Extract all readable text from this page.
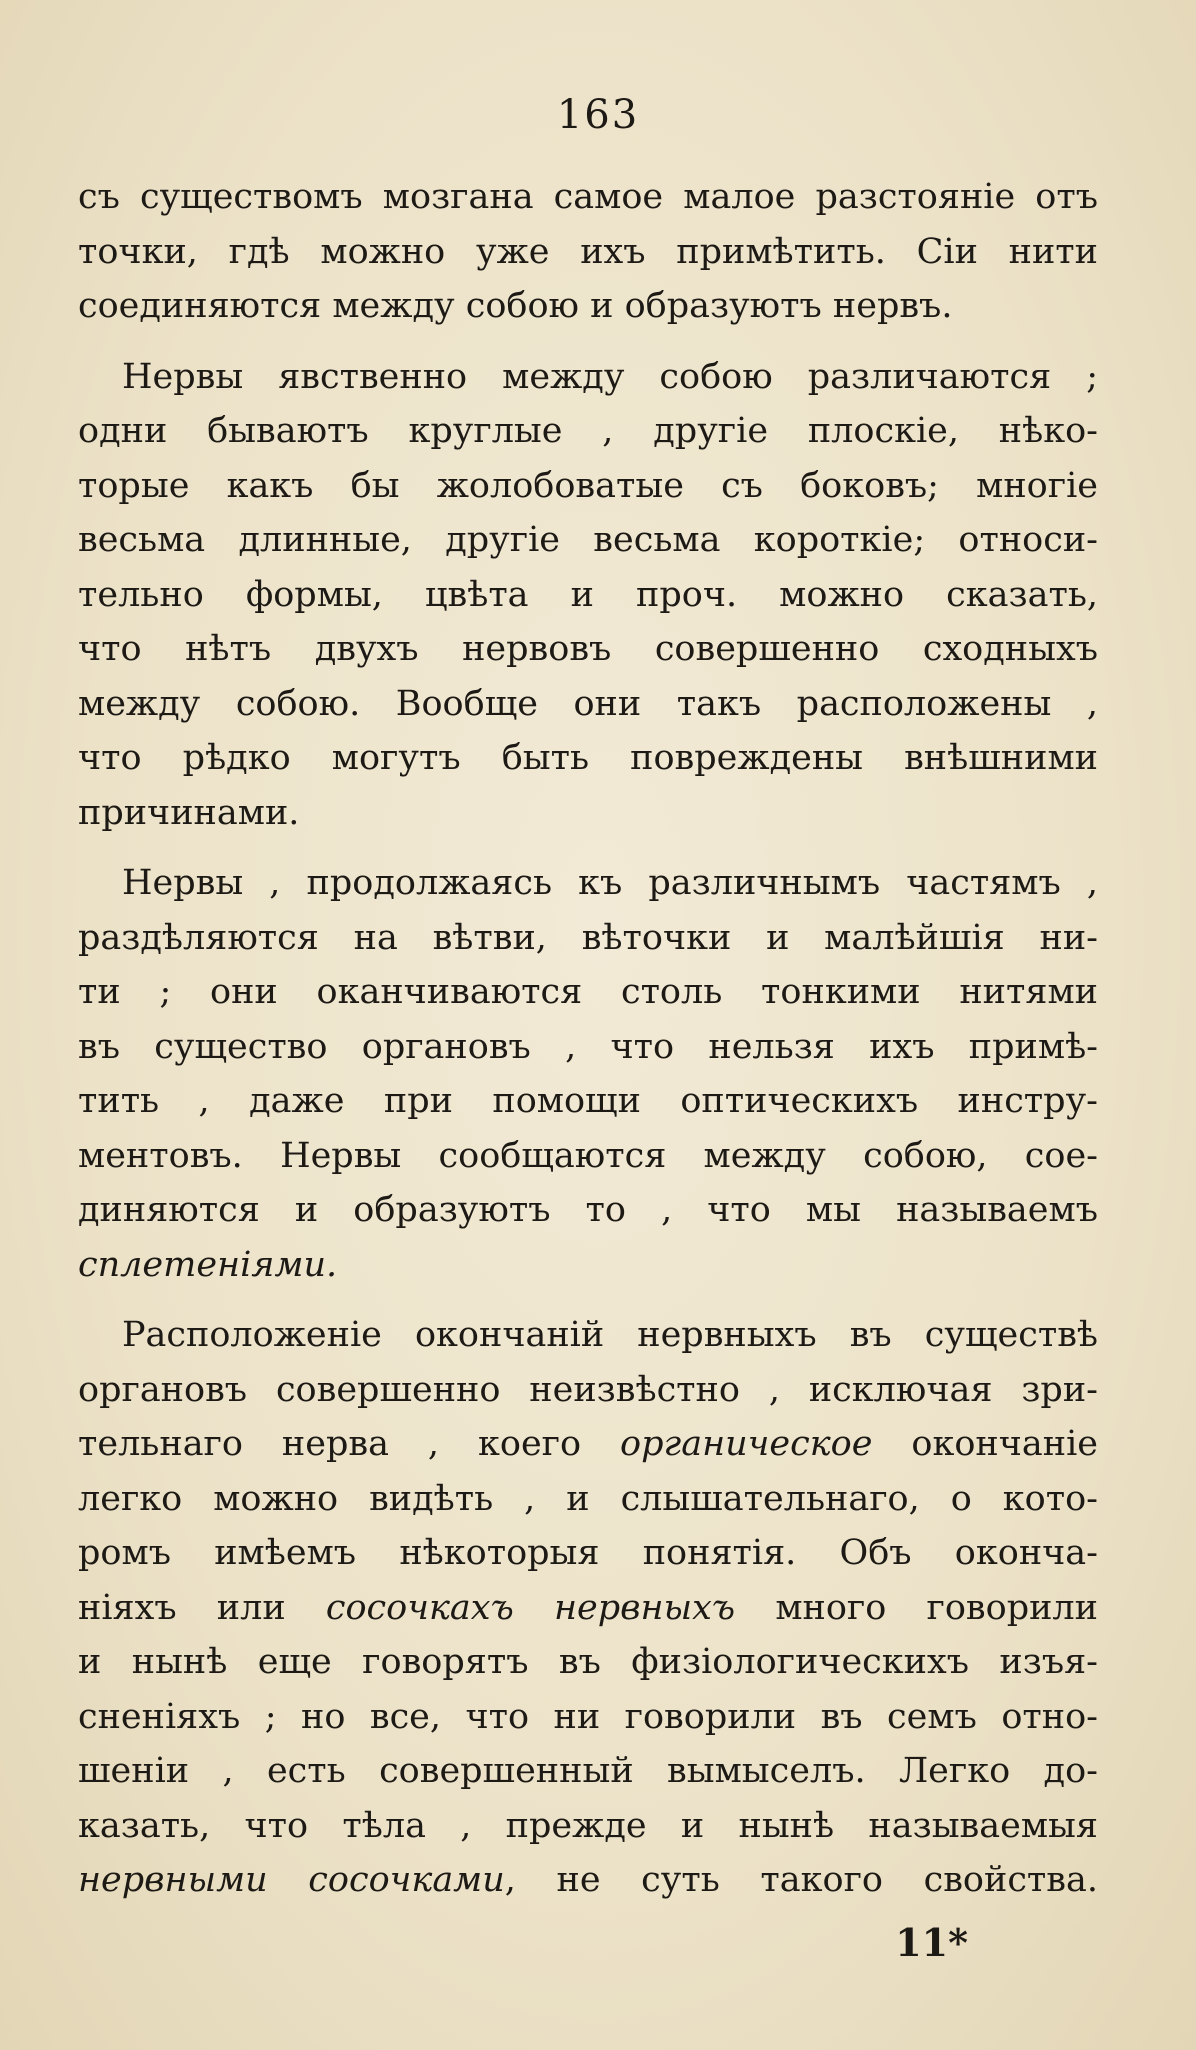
163
съ существомъ мозгана самое малое разстояніе отъ
точки, гдѣ можно уже ихъ примѣтить. Сіи нити
соединяются между собою и образуютъ нервъ.
Нервы явственно между собою различаются ;
одни бываютъ круглые , другіе плоскіе, нѣко-
торые какъ бы жолобоватые съ боковъ; многіе
весьма длинные, другіе весьма короткіе; относи-
тельно формы, цвѣта и проч. можно сказать,
что нѣтъ двухъ нервовъ совершенно сходныхъ
между собою. Вообще они такъ расположены ,
что рѣдко могутъ быть повреждены внѣшними
причинами.
Нервы , продолжаясь къ различнымъ частямъ ,
раздѣляются на вѣтви, вѣточки и малѣйшія ни-
ти ; они оканчиваются столь тонкими нитями
въ существо органовъ , что нельзя ихъ примѣ-
тить , даже при помощи оптическихъ инстру-
ментовъ. Нервы сообщаются между собою, сое-
диняются и образуютъ то , что мы называемъ
сплетеніями.
Расположеніе окончаній нервныхъ въ существѣ
органовъ совершенно неизвѣстно , исключая зри-
тельнаго нерва , коего органическое окончаніе
легко можно видѣть , и слышательнаго, о кото-
ромъ имѣемъ нѣкоторыя понятія. Объ оконча-
ніяхъ или сосочкахъ нервныхъ много говорили
и нынѣ еще говорятъ въ физіологическихъ изъя-
сненіяхъ ; но все, что ни говорили въ семъ отно-
шеніи , есть совершенный вымыселъ. Легко до-
казать, что тѣла , прежде и нынѣ называемыя
нервными сосочками, не суть такого свойства.
11*
